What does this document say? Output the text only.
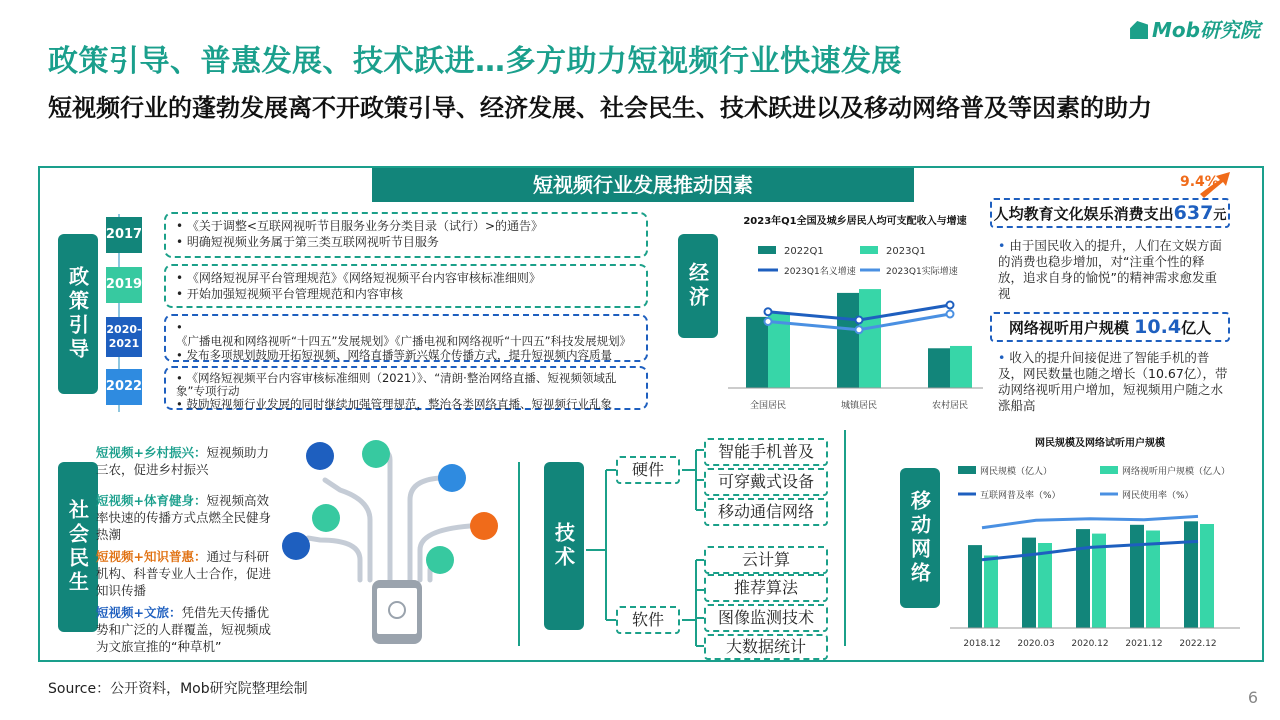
政策引导、普惠发展、技术跃进…多方助力短视频行业快速发展
短视频行业的蓬勃发展离不开政策引导、经济发展、社会民生、技术跃进以及移动网络普及等因素的助力
Mob研究院
短视频行业发展推动因素
政策引导
2017
2019
2020-2021
2022
• 《关于调整<互联网视听节目服务业务分类目录（试行）>的通告》
• 明确短视频业务属于第三类互联网视听节目服务
• 《网络短视屏平台管理规范》《网络短视频平台内容审核标准细则》
• 开始加强短视频平台管理规范和内容审核
• 《广播电视和网络视听“十四五”发展规划》《广播电视和网络视听“十四五”科技发展规划》
• 发布多项规划鼓励开拓短视频、网络直播等新兴媒介传播方式，提升短视频内容质量
• 《网络短视频平台内容审核标准细则（2021）》、“清朗·整治网络直播、短视频领域乱象”专项行动
• 鼓励短视频行业发展的同时继续加强管理规范，整治各类网络直播、短视频行业乱象
经济
2023年Q1全国及城乡居民人均可支配收入与增速
2022Q1	2023Q1
2023Q1名义增速	2023Q1实际增速
全国居民	城镇居民	农村居民
9.4%
人均教育文化娱乐消费支出637元
• 由于国民收入的提升，人们在文娱方面的消费也稳步增加，对“注重个性的释放，追求自身的愉悦”的精神需求愈发重视
网络视听用户规模 10.4亿人
• 收入的提升间接促进了智能手机的普及，网民数量也随之增长（10.67亿），带动网络视听用户增加，短视频用户随之水涨船高
社会民生
短视频+乡村振兴：短视频助力三农，促进乡村振兴
短视频+体育健身：短视频高效率快速的传播方式点燃全民健身热潮
短视频+知识普惠：通过与科研机构、科普专业人士合作，促进知识传播
短视频+文旅：凭借先天传播优势和广泛的人群覆盖，短视频成为文旅宣推的“种草机”
技术
硬件
软件
智能手机普及
可穿戴式设备
移动通信网络
云计算
推荐算法
图像监测技术
大数据统计
移动网络
网民规模及网络试听用户规模
网民规模（亿人）	网络视听用户规模（亿人）
互联网普及率（%）	网民使用率（%）
2018.12 2020.03 2020.12 2021.12 2022.12
Source：公开资料，Mob研究院整理绘制	6
